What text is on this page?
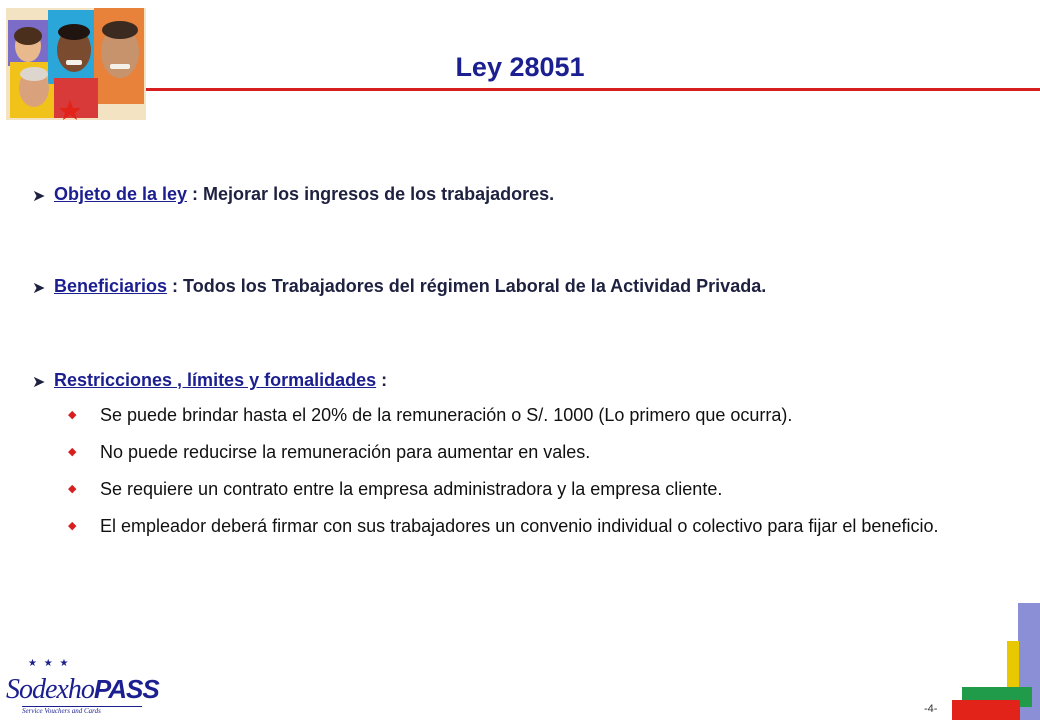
Ley 28051
➤ Objeto de la ley : Mejorar los ingresos de los trabajadores.
➤ Beneficiarios : Todos los Trabajadores del régimen Laboral de la Actividad Privada.
➤ Restricciones , límites y formalidades :
◆	Se puede brindar hasta el 20% de la remuneración o S/. 1000 (Lo primero que ocurra).
◆	No puede reducirse la remuneración para aumentar en vales.
◆	Se requiere un contrato entre la empresa administradora y la empresa cliente.
◆	El empleador deberá firmar con sus trabajadores un convenio individual o colectivo para fijar el beneficio.
★ ★ ★
SodexhoPASS
Service Vouchers and Cards	-4-
